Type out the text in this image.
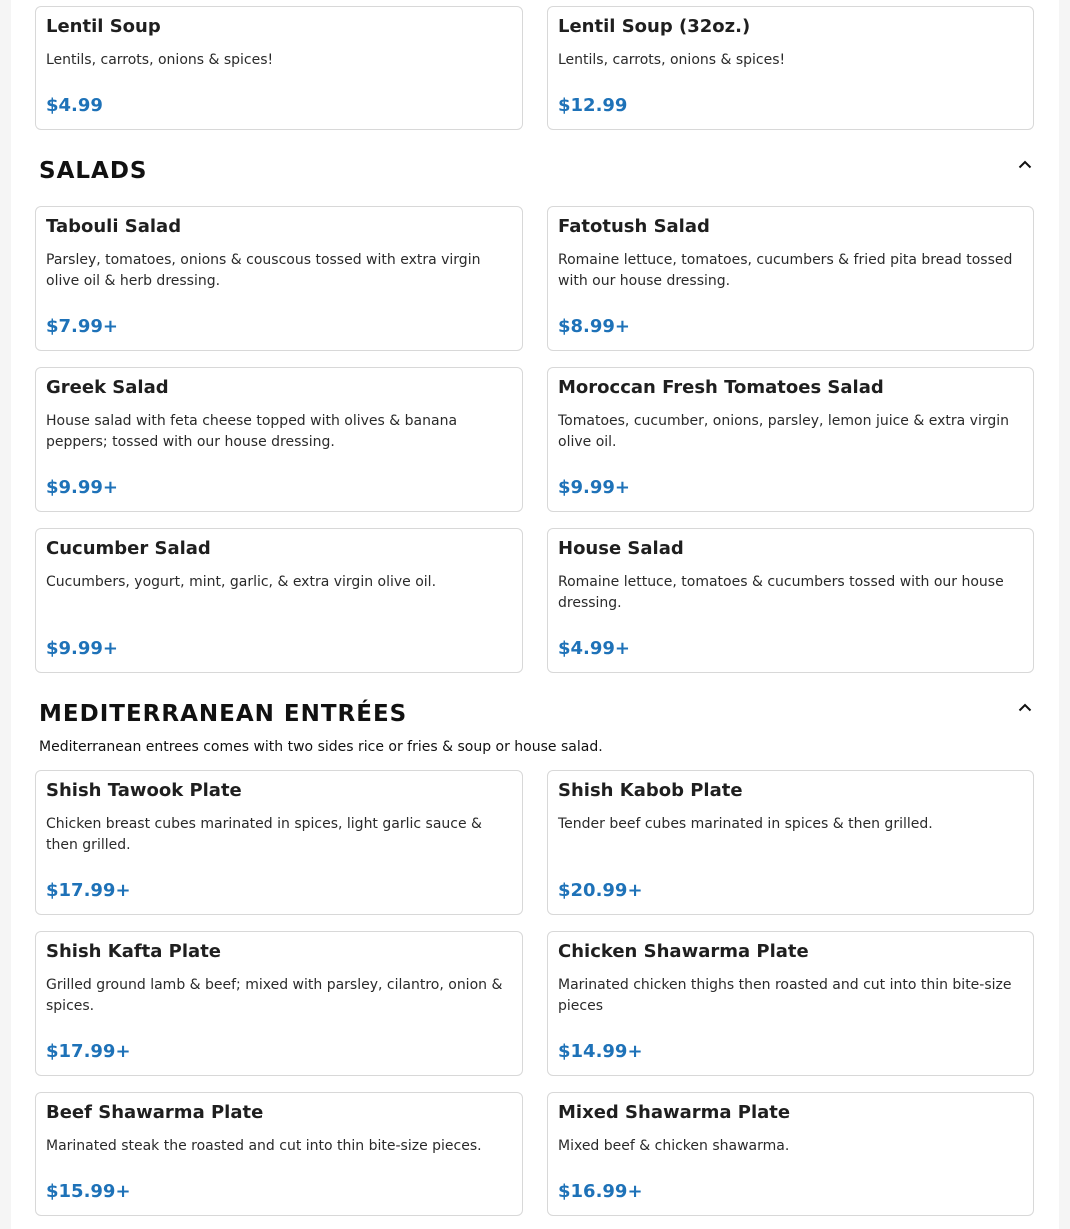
Lentil Soup
Lentils, carrots, onions & spices!
$4.99
Lentil Soup (32oz.)
Lentils, carrots, onions & spices!
$12.99
SALADS
Tabouli Salad
Parsley, tomatoes, onions & couscous tossed with extra virgin olive oil & herb dressing.
$7.99+
Fatotush Salad
Romaine lettuce, tomatoes, cucumbers & fried pita bread tossed with our house dressing.
$8.99+
Greek Salad
House salad with feta cheese topped with olives & banana peppers; tossed with our house dressing.
$9.99+
Moroccan Fresh Tomatoes Salad
Tomatoes, cucumber, onions, parsley, lemon juice & extra virgin olive oil.
$9.99+
Cucumber Salad
Cucumbers, yogurt, mint, garlic, & extra virgin olive oil.
$9.99+
House Salad
Romaine lettuce, tomatoes & cucumbers tossed with our house dressing.
$4.99+
MEDITERRANEAN ENTRÉES
Mediterranean entrees comes with two sides rice or fries & soup or house salad.
Shish Tawook Plate
Chicken breast cubes marinated in spices, light garlic sauce & then grilled.
$17.99+
Shish Kabob Plate
Tender beef cubes marinated in spices & then grilled.
$20.99+
Shish Kafta Plate
Grilled ground lamb & beef; mixed with parsley, cilantro, onion & spices.
$17.99+
Chicken Shawarma Plate
Marinated chicken thighs then roasted and cut into thin bite-size pieces
$14.99+
Beef Shawarma Plate
Marinated steak the roasted and cut into thin bite-size pieces.
$15.99+
Mixed Shawarma Plate
Mixed beef & chicken shawarma.
$16.99+
